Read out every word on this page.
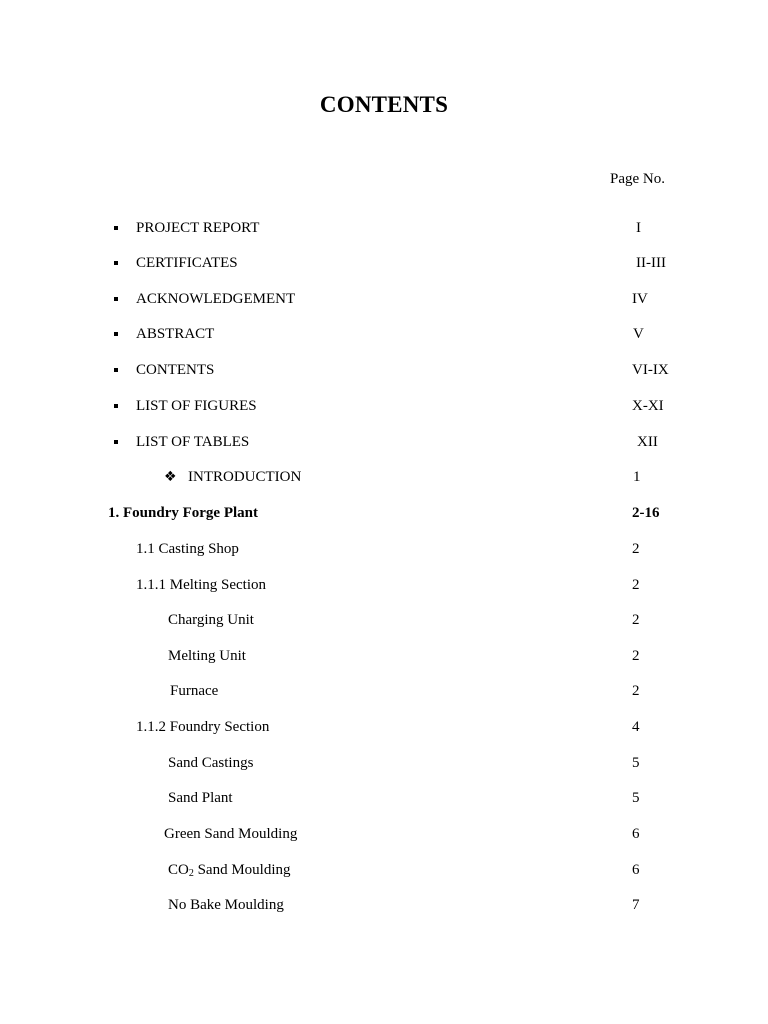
CONTENTS
Page No.
PROJECT REPORT	I
CERTIFICATES	II-III
ACKNOWLEDGEMENT	IV
ABSTRACT	V
CONTENTS	VI-IX
LIST OF FIGURES	X-XI
LIST OF TABLES	XII
❖ INTRODUCTION	1
1. Foundry Forge Plant	2-16
1.1 Casting Shop	2
1.1.1 Melting Section	2
Charging Unit	2
Melting Unit	2
Furnace	2
1.1.2 Foundry Section	4
Sand Castings	5
Sand Plant	5
Green Sand Moulding	6
$CO_2$ Sand Moulding	6
No Bake Moulding	7
